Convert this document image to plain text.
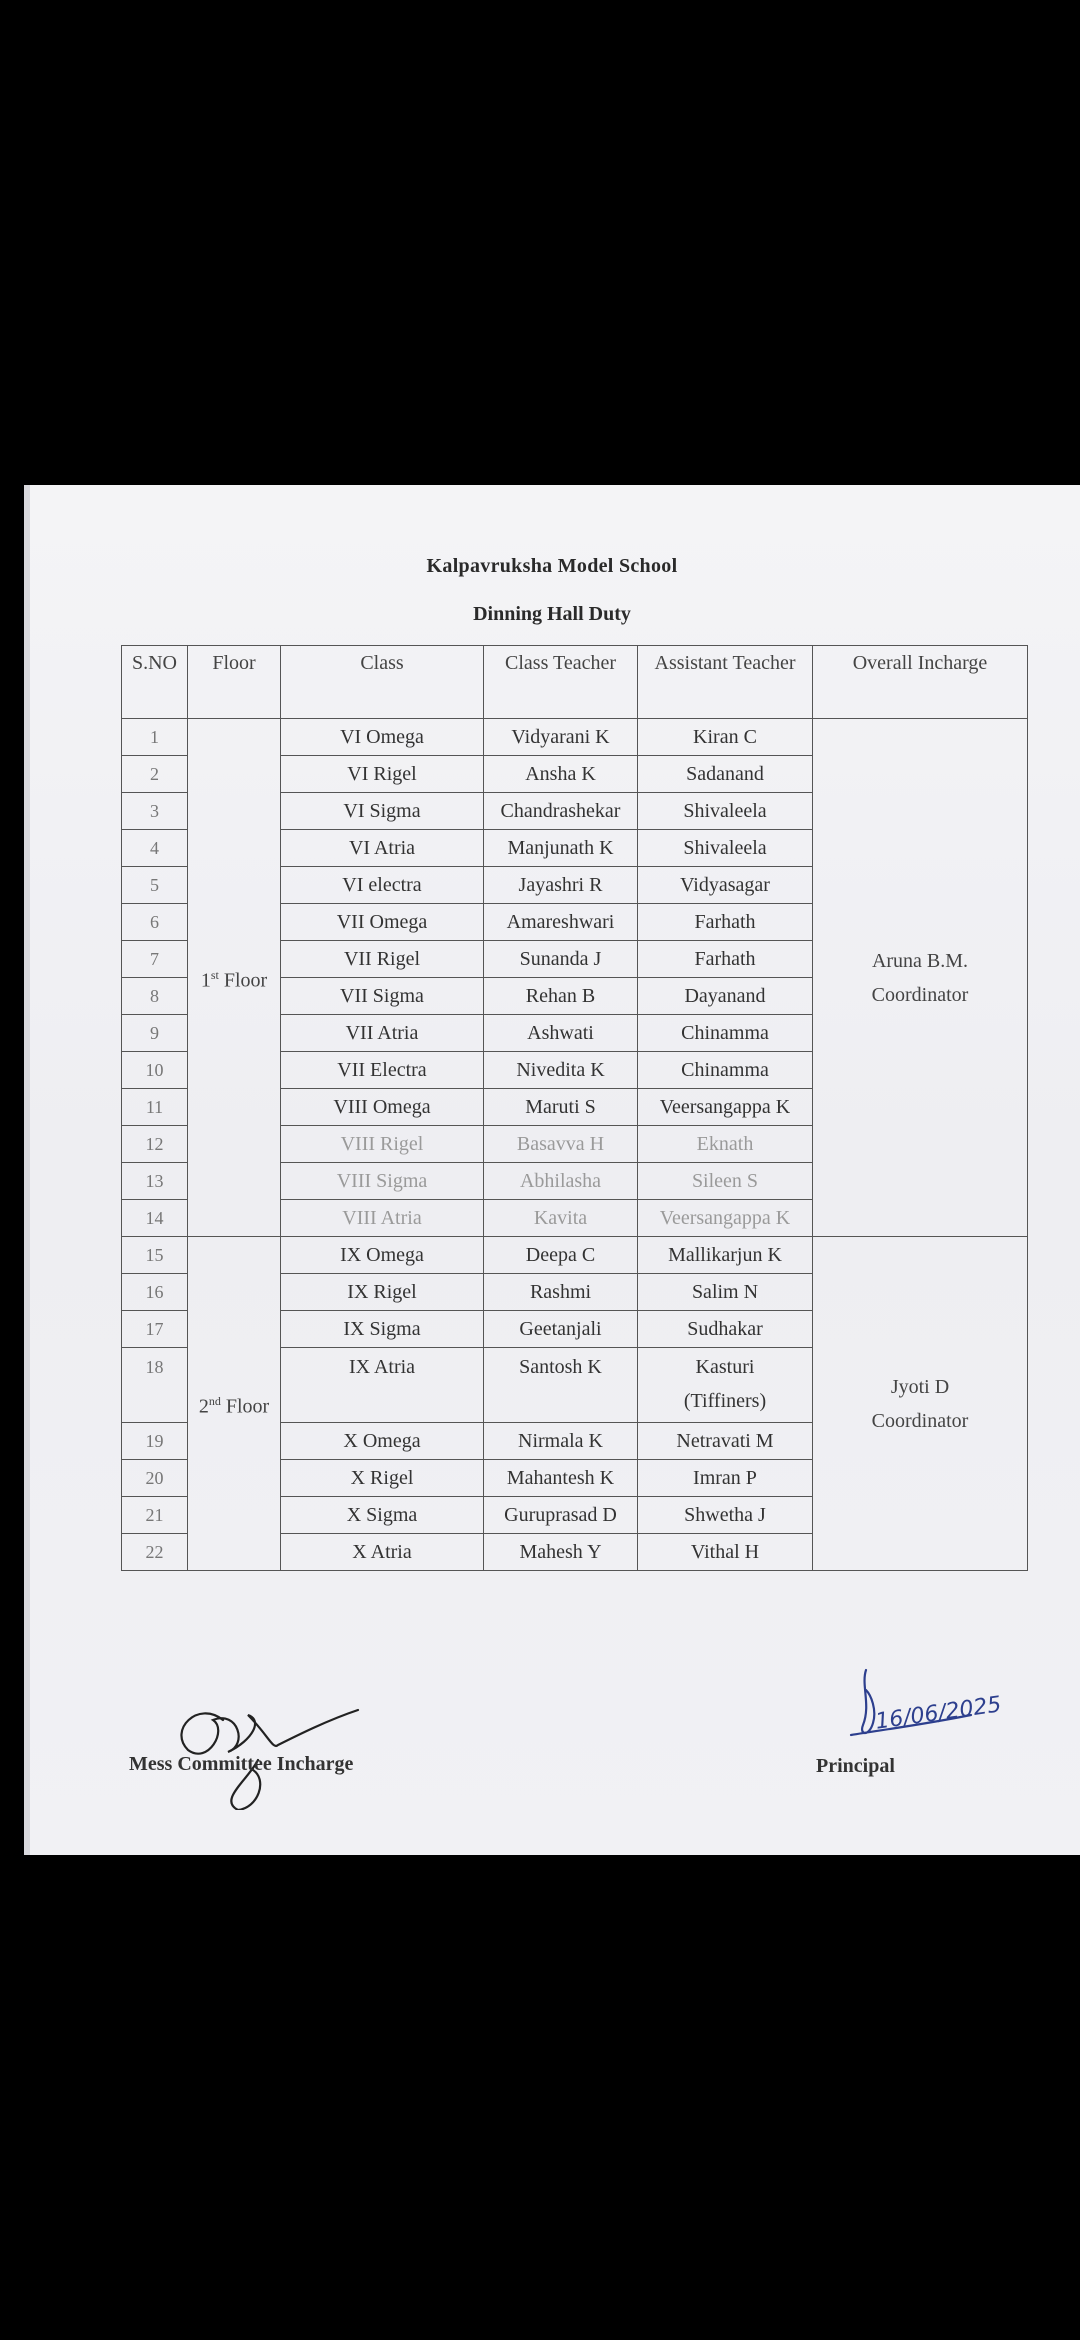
Kalpavruksha Model School
Dinning Hall Duty
S.NO	Floor	Class	Class Teacher	Assistant Teacher	Overall Incharge
1	1st Floor	VI Omega	Vidyarani K	Kiran C	Aruna B.M.
Coordinator

2		VI Rigel	Ansha K	Sadanand	
3		VI Sigma	Chandrashekar	Shivaleela	
4		VI Atria	Manjunath K	Shivaleela	
5		VI electra	Jayashri R	Vidyasagar	
6		VII Omega	Amareshwari	Farhath	
7		VII Rigel	Sunanda J	Farhath	
8		VII Sigma	Rehan B	Dayanand	
9		VII Atria	Ashwati	Chinamma	
10		VII Electra	Nivedita K	Chinamma	
11		VIII Omega	Maruti S	Veersangappa K	
12		VIII Rigel	Basavva H	Eknath	
13		VIII Sigma	Abhilasha	Sileen S	
14		VIII Atria	Kavita	Veersangappa K	
15	2nd Floor	IX Omega	Deepa C	Mallikarjun K	Jyoti D
Coordinator

16		IX Rigel	Rashmi	Salim N	
17		IX Sigma	Geetanjali	Sudhakar	
18		IX Atria	Santosh K	Kasturi
(Tiffiners)	

19		X Omega	Nirmala K	Netravati M	
20		X Rigel	Mahantesh K	Imran P	
21		X Sigma	Guruprasad D	Shwetha J	
22		X Atria	Mahesh Y	Vithal H	
Mess Committee Incharge
16/06/2025
Principal
